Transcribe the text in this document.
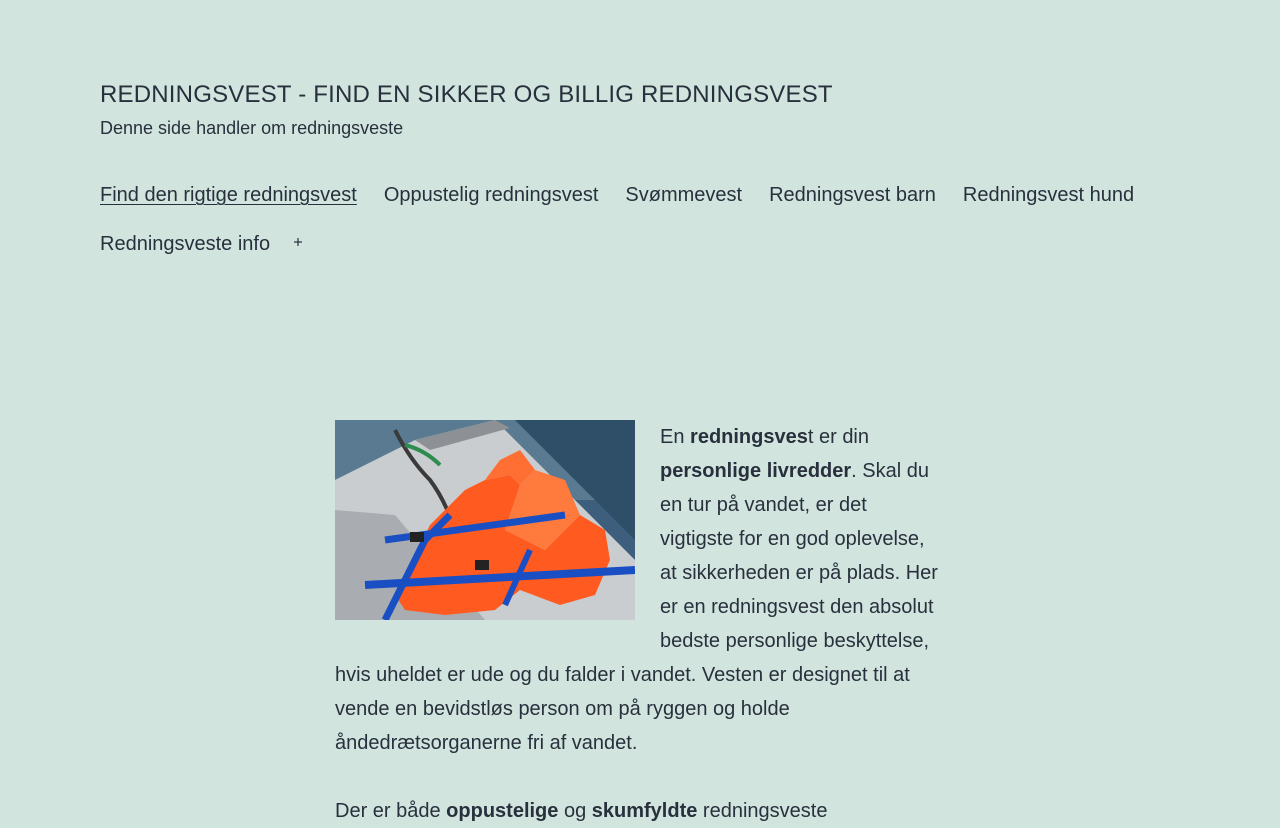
REDNINGSVEST - FIND EN SIKKER OG BILLIG REDNINGSVEST
Denne side handler om redningsveste
Find den rigtige redningsvest Oppustelig redningsvest Svømmevest Redningsvest barn Redningsvest hund
Redningsveste info

En redningsvest er din personlige livredder. Skal du en tur på vandet, er det vigtigste for en god oplevelse, at sikkerheden er på plads. Her er en redningsvest den absolut bedste personlige beskyttelse, hvis uheldet er ude og du falder i vandet. Vesten er designet til at vende en bevidstløs person om på ryggen og holde åndedrætsorganerne fri af vandet.

Der er både oppustelige og skumfyldte redningsveste
